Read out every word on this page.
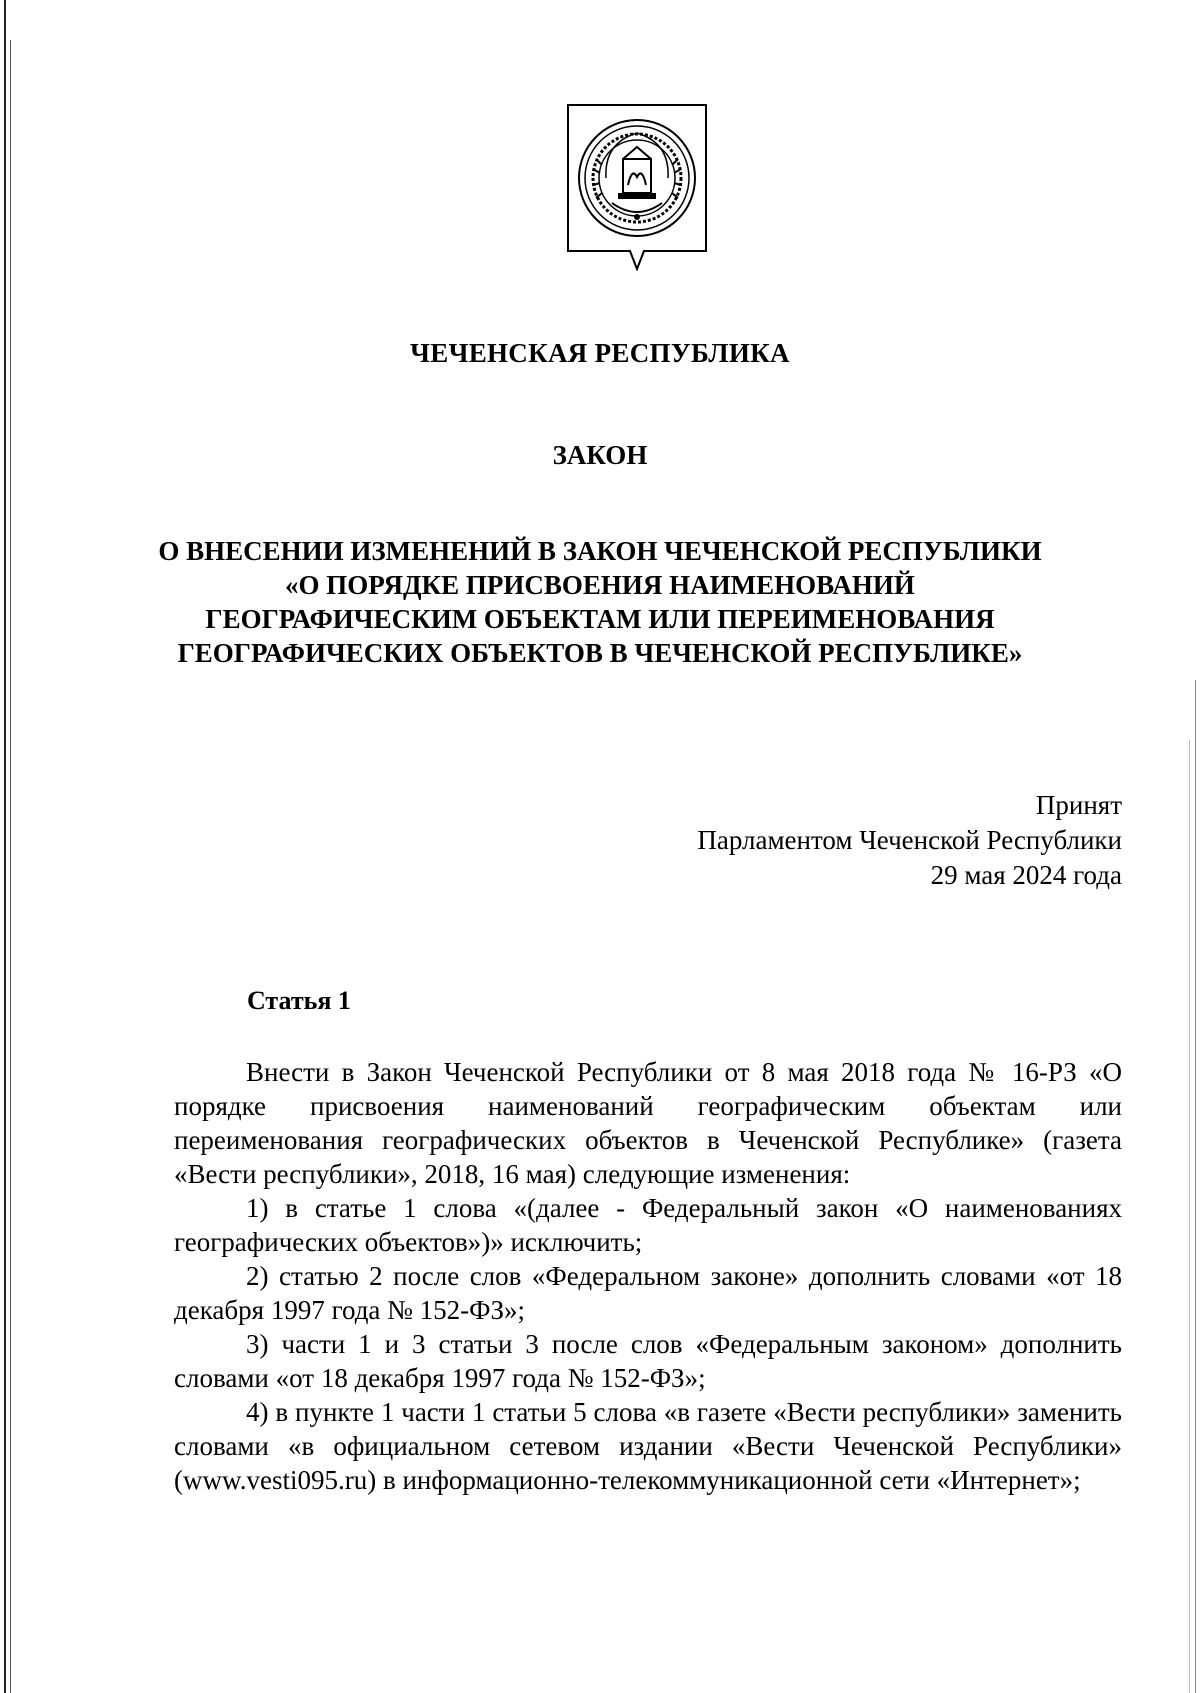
ЧЕЧЕНСКАЯ РЕСПУБЛИКА
ЗАКОН
О ВНЕСЕНИИ ИЗМЕНЕНИЙ В ЗАКОН ЧЕЧЕНСКОЙ РЕСПУБЛИКИ
«О ПОРЯДКЕ ПРИСВОЕНИЯ НАИМЕНОВАНИЙ
ГЕОГРАФИЧЕСКИМ ОБЪЕКТАМ ИЛИ ПЕРЕИМЕНОВАНИЯ
ГЕОГРАФИЧЕСКИХ ОБЪЕКТОВ В ЧЕЧЕНСКОЙ РЕСПУБЛИКЕ»
Принят
Парламентом Чеченской Республики
29 мая 2024 года
Статья 1

Внести в Закон Чеченской Республики от 8 мая 2018 года № 16-РЗ «О порядке присвоения наименований географическим объектам или переименования географических объектов в Чеченской Республике» (газета «Вести республики», 2018, 16 мая) следующие изменения:

1) в статье 1 слова «(далее - Федеральный закон «О наименованиях географических объектов»)» исключить;

2) статью 2 после слов «Федеральном законе» дополнить словами «от 18 декабря 1997 года № 152-ФЗ»;

3) части 1 и 3 статьи 3 после слов «Федеральным законом» дополнить словами «от 18 декабря 1997 года № 152-ФЗ»;

4) в пункте 1 части 1 статьи 5 слова «в газете «Вести республики» заменить словами «в официальном сетевом издании «Вести Чеченской Республики» (www.vesti095.ru) в информационно-телекоммуникационной сети «Интернет»;
